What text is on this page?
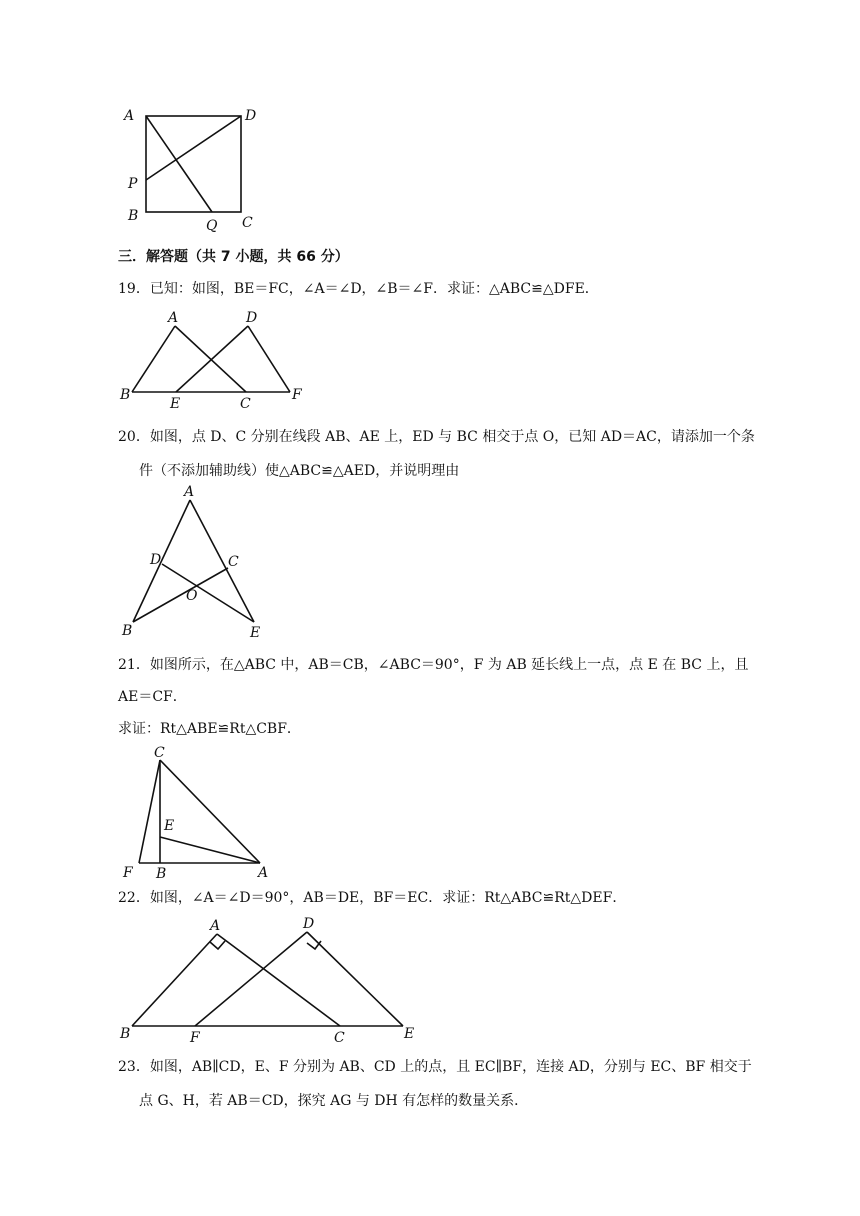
A	D
P
B
Q C
三．解答题（共 7 小题，共 66 分）
19．已知：如图，BE＝FC，∠A＝∠D，∠B＝∠F．求证：△ABC≌△DFE．
A	D
B
E	C
F
20．如图，点 D、C 分别在线段 AB、AE 上，ED 与 BC 相交于点 O，已知 AD＝AC，请添加一个条
件（不添加辅助线）使△ABC≌△AED，并说明理由
A
D	C
O
B	E
21．如图所示，在△ABC 中，AB＝CB，∠ABC＝90°，F 为 AB 延长线上一点，点 E 在 BC 上，且
AE＝CF．
求证：Rt△ABE≌Rt△CBF．
C
E
F B	A
22．如图，∠A＝∠D＝90°，AB＝DE，BF＝EC．求证：Rt△ABC≌Rt△DEF．
A	D
B	F	C	E
23．如图，AB∥CD，E、F 分别为 AB、CD 上的点，且 EC∥BF，连接 AD，分别与 EC、BF 相交于
点 G、H，若 AB＝CD，探究 AG 与 DH 有怎样的数量关系．
